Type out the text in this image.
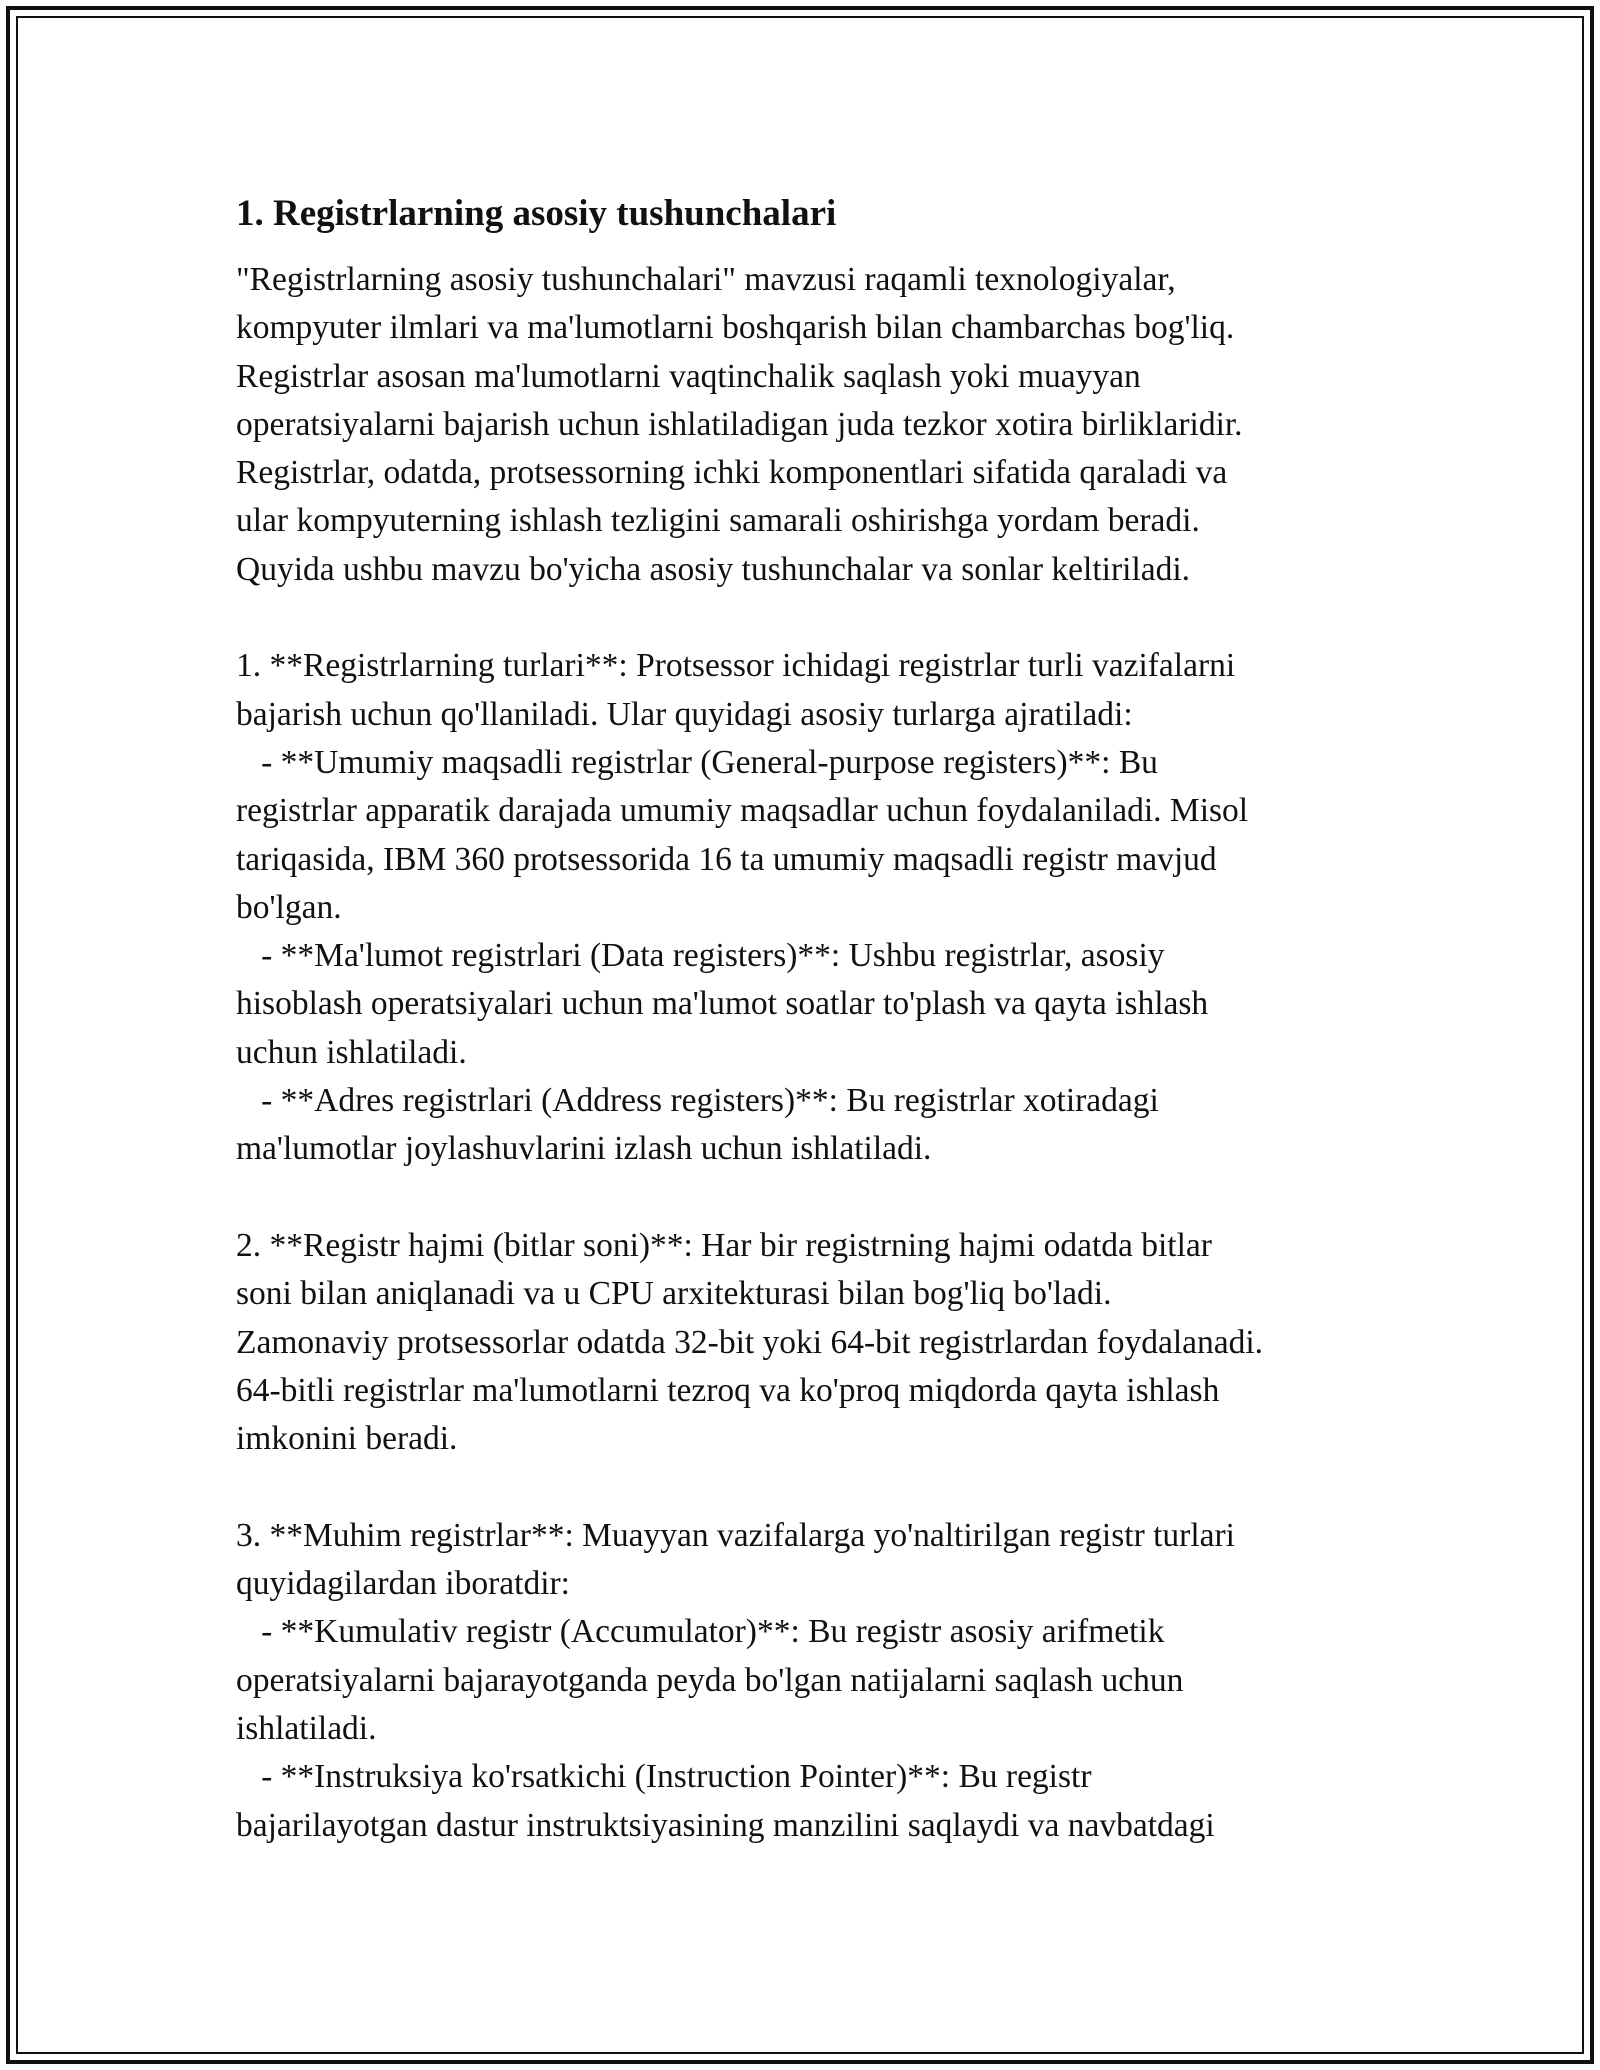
1. Registrlarning asosiy tushunchalari
"Registrlarning asosiy tushunchalari" mavzusi raqamli texnologiyalar,
kompyuter ilmlari va ma'lumotlarni boshqarish bilan chambarchas bog'liq.
Registrlar asosan ma'lumotlarni vaqtinchalik saqlash yoki muayyan
operatsiyalarni bajarish uchun ishlatiladigan juda tezkor xotira birliklaridir.
Registrlar, odatda, protsessorning ichki komponentlari sifatida qaraladi va
ular kompyuterning ishlash tezligini samarali oshirishga yordam beradi.
Quyida ushbu mavzu bo'yicha asosiy tushunchalar va sonlar keltiriladi.
1. **Registrlarning turlari**: Protsessor ichidagi registrlar turli vazifalarni
bajarish uchun qo'llaniladi. Ular quyidagi asosiy turlarga ajratiladi:
- **Umumiy maqsadli registrlar (General-purpose registers)**: Bu
registrlar apparatik darajada umumiy maqsadlar uchun foydalaniladi. Misol
tariqasida, IBM 360 protsessorida 16 ta umumiy maqsadli registr mavjud
bo'lgan.
- **Ma'lumot registrlari (Data registers)**: Ushbu registrlar, asosiy
hisoblash operatsiyalari uchun ma'lumot soatlar to'plash va qayta ishlash
uchun ishlatiladi.
- **Adres registrlari (Address registers)**: Bu registrlar xotiradagi
ma'lumotlar joylashuvlarini izlash uchun ishlatiladi.
2. **Registr hajmi (bitlar soni)**: Har bir registrning hajmi odatda bitlar
soni bilan aniqlanadi va u CPU arxitekturasi bilan bog'liq bo'ladi.
Zamonaviy protsessorlar odatda 32-bit yoki 64-bit registrlardan foydalanadi.
64-bitli registrlar ma'lumotlarni tezroq va ko'proq miqdorda qayta ishlash
imkonini beradi.
3. **Muhim registrlar**: Muayyan vazifalarga yo'naltirilgan registr turlari
quyidagilardan iboratdir:
- **Kumulativ registr (Accumulator)**: Bu registr asosiy arifmetik
operatsiyalarni bajarayotganda peyda bo'lgan natijalarni saqlash uchun
ishlatiladi.
- **Instruksiya ko'rsatkichi (Instruction Pointer)**: Bu registr
bajarilayotgan dastur instruktsiyasining manzilini saqlaydi va navbatdagi
